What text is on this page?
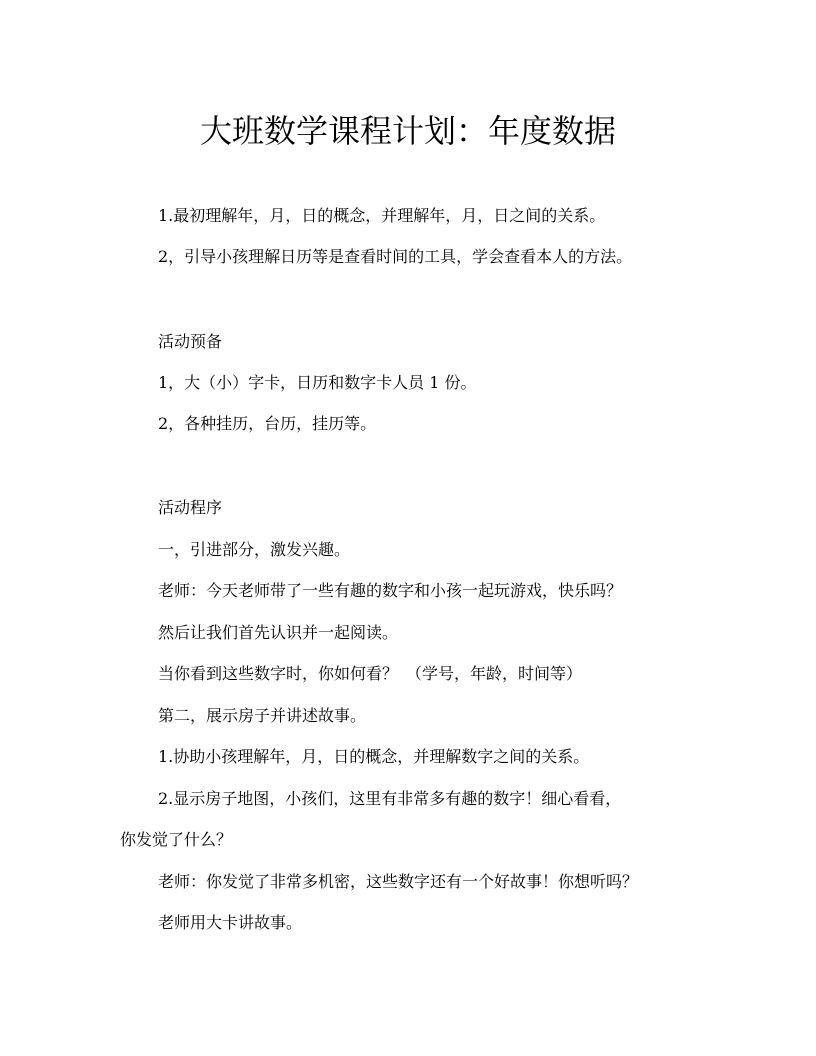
大班数学课程计划：年度数据

1.最初理解年，月，日的概念，并理解年，月，日之间的关系。

2，引导小孩理解日历等是查看时间的工具，学会查看本人的方法。

活动预备

1，大（小）字卡，日历和数字卡人员 1 份。

2，各种挂历，台历，挂历等。

活动程序

一，引进部分，激发兴趣。

老师：今天老师带了一些有趣的数字和小孩一起玩游戏，快乐吗？

然后让我们首先认识并一起阅读。

当你看到这些数字时，你如何看？　（学号，年龄，时间等）

第二，展示房子并讲述故事。

1.协助小孩理解年，月，日的概念，并理解数字之间的关系。

2.显示房子地图，小孩们，这里有非常多有趣的数字！细心看看，

你发觉了什么？

老师：你发觉了非常多机密，这些数字还有一个好故事！你想听吗？

老师用大卡讲故事。
